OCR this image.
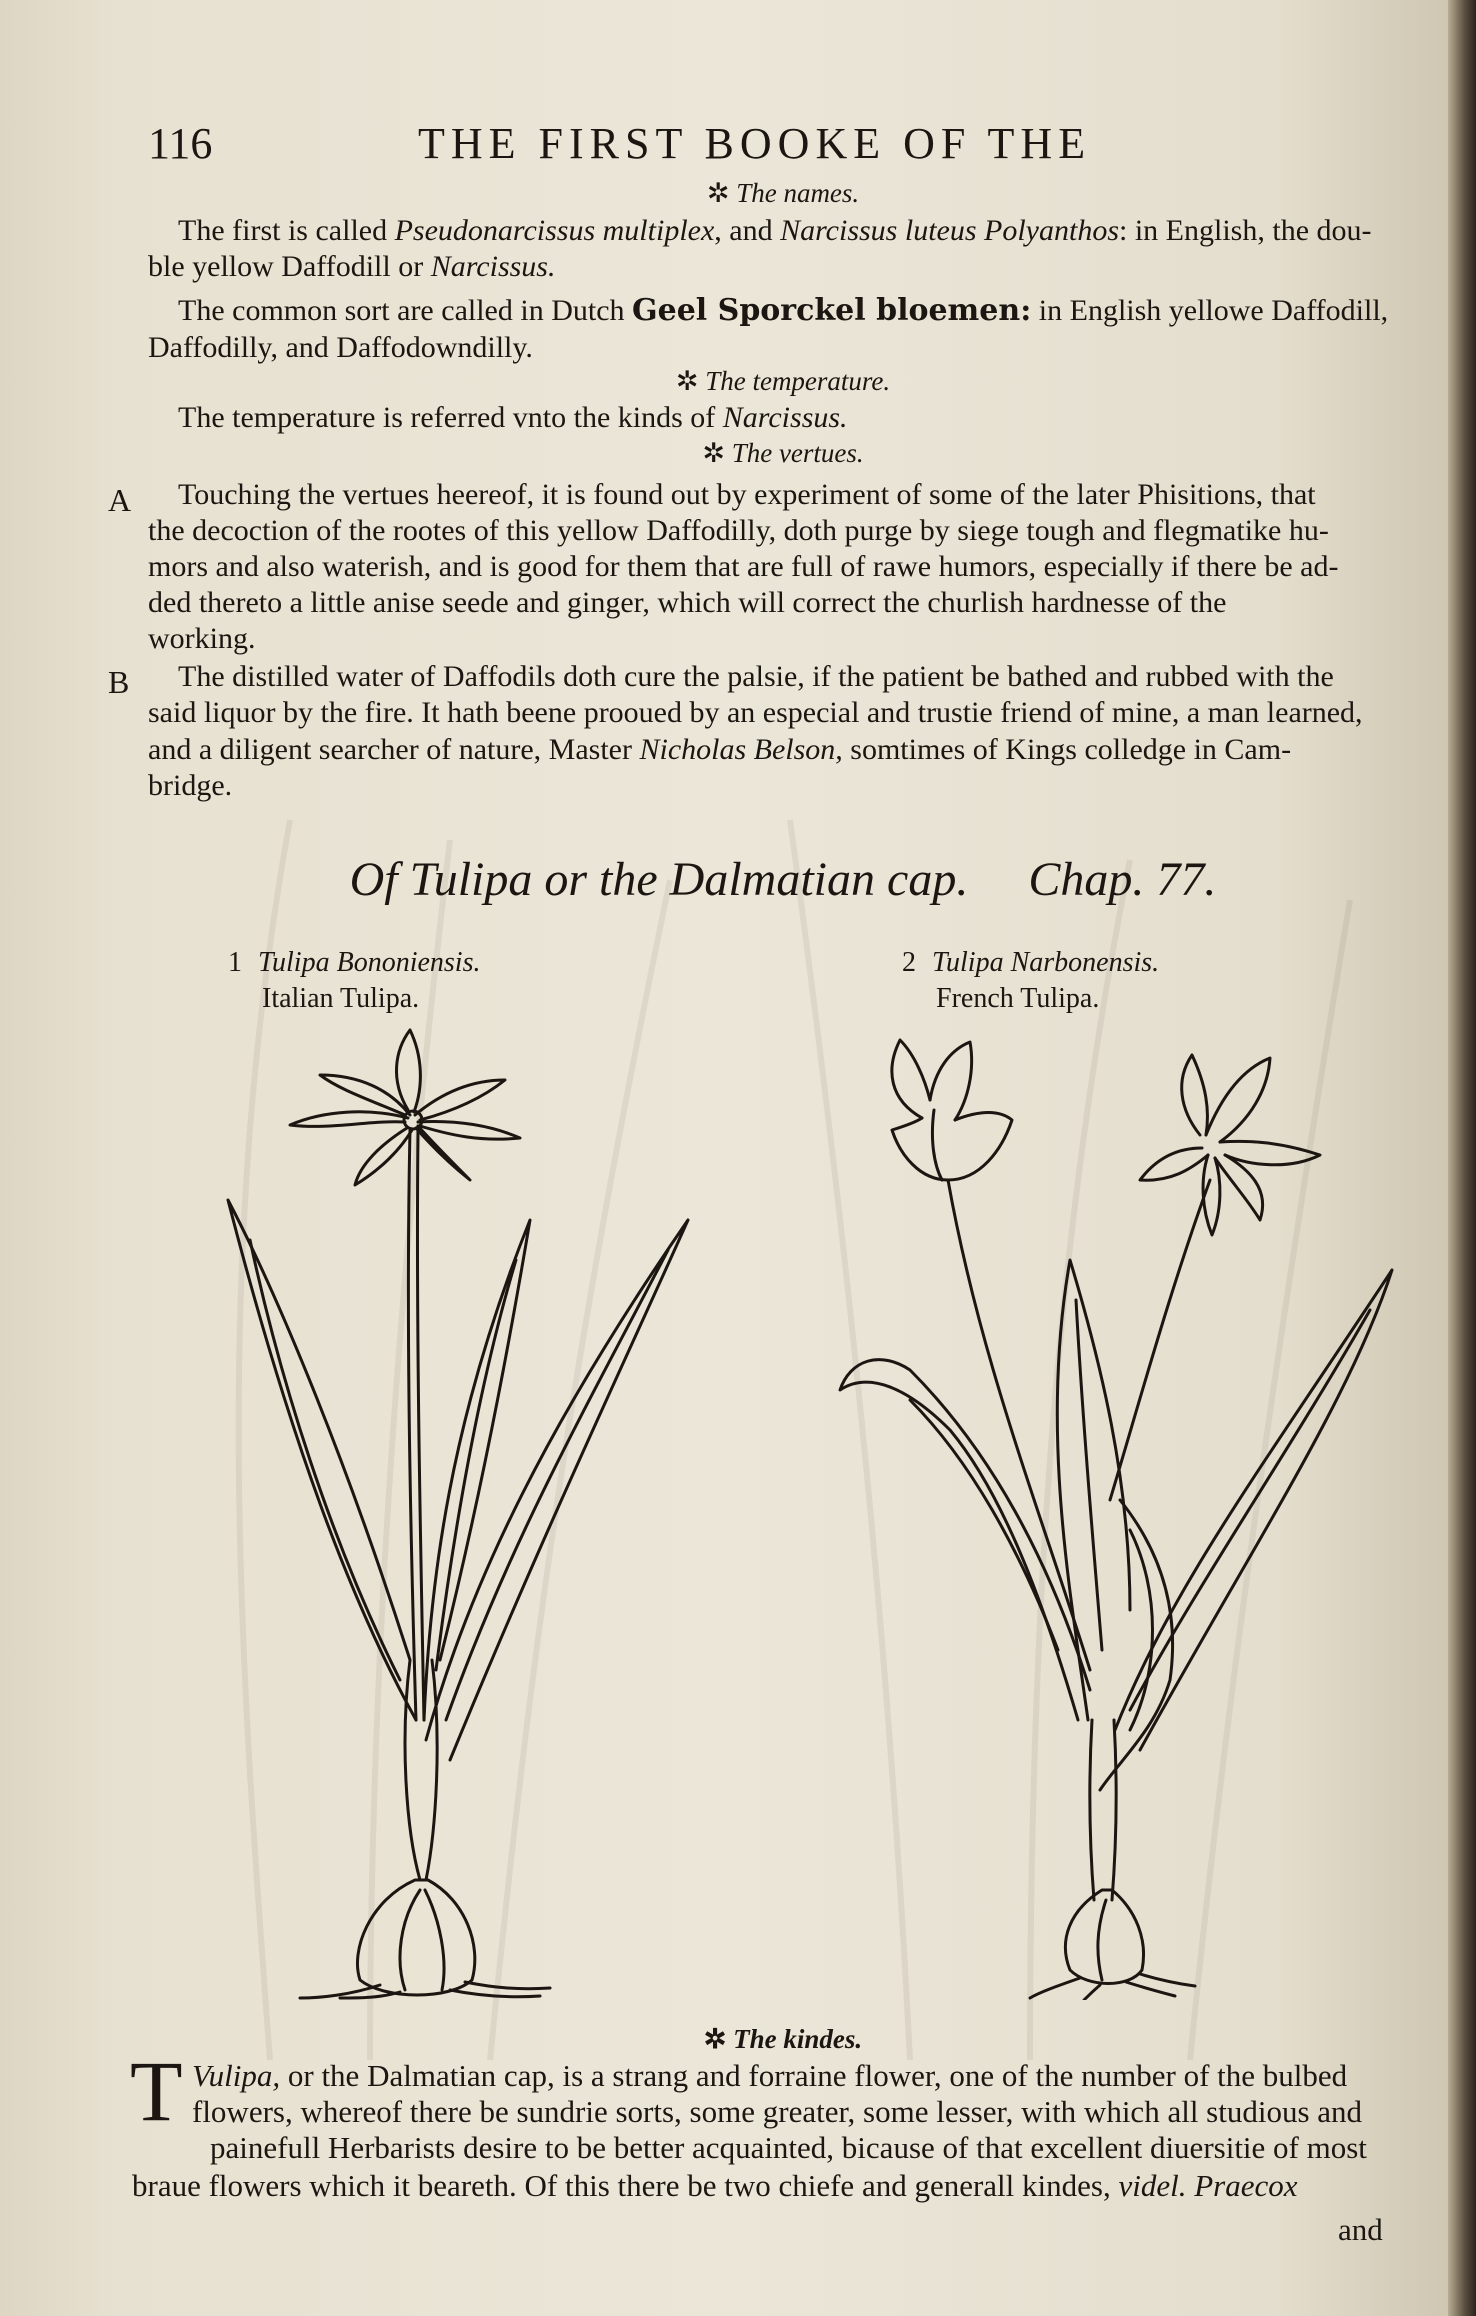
116	THE FIRST BOOKE OF THE
✲ The names.
The first is called Pseudonarcissus multiplex, and Narcissus luteus Polyanthos: in English, the dou-
ble yellow Daffodill or Narcissus.
The common sort are called in Dutch Geel Sporckel bloemen: in English yellowe Daffodill,
Daffodilly, and Daffodowndilly.
✲ The temperature.
The temperature is referred vnto the kinds of Narcissus.
✲ The vertues.
A Touching the vertues heereof, it is found out by experiment of some of the later Phisitions, that
the decoction of the rootes of this yellow Daffodilly, doth purge by siege tough and flegmatike hu-
mors and also waterish, and is good for them that are full of rawe humors, especially if there be ad-
ded thereto a little anise seede and ginger, which will correct the churlish hardnesse of the
working.
B The distilled water of Daffodils doth cure the palsie, if the patient be bathed and rubbed with the
said liquor by the fire. It hath beene prooued by an especial and trustie friend of mine, a man learned,
and a diligent searcher of nature, Master Nicholas Belson, somtimes of Kings colledge in Cam-
bridge.
Of Tulipa or the Dalmatian cap. Chap. 77.
1 Tulipa Bononiensis.
Italian Tulipa.
2 Tulipa Narbonensis.
French Tulipa.
✲ The kindes.
T Vulipa, or the Dalmatian cap, is a strang and forraine flower, one of the number of the bulbed
flowers, whereof there be sundrie sorts, some greater, some lesser, with which all studious and
painefull Herbarists desire to be better acquainted, bicause of that excellent diuersitie of most
braue flowers which it beareth. Of this there be two chiefe and generall kindes, videl. Praecox
and
